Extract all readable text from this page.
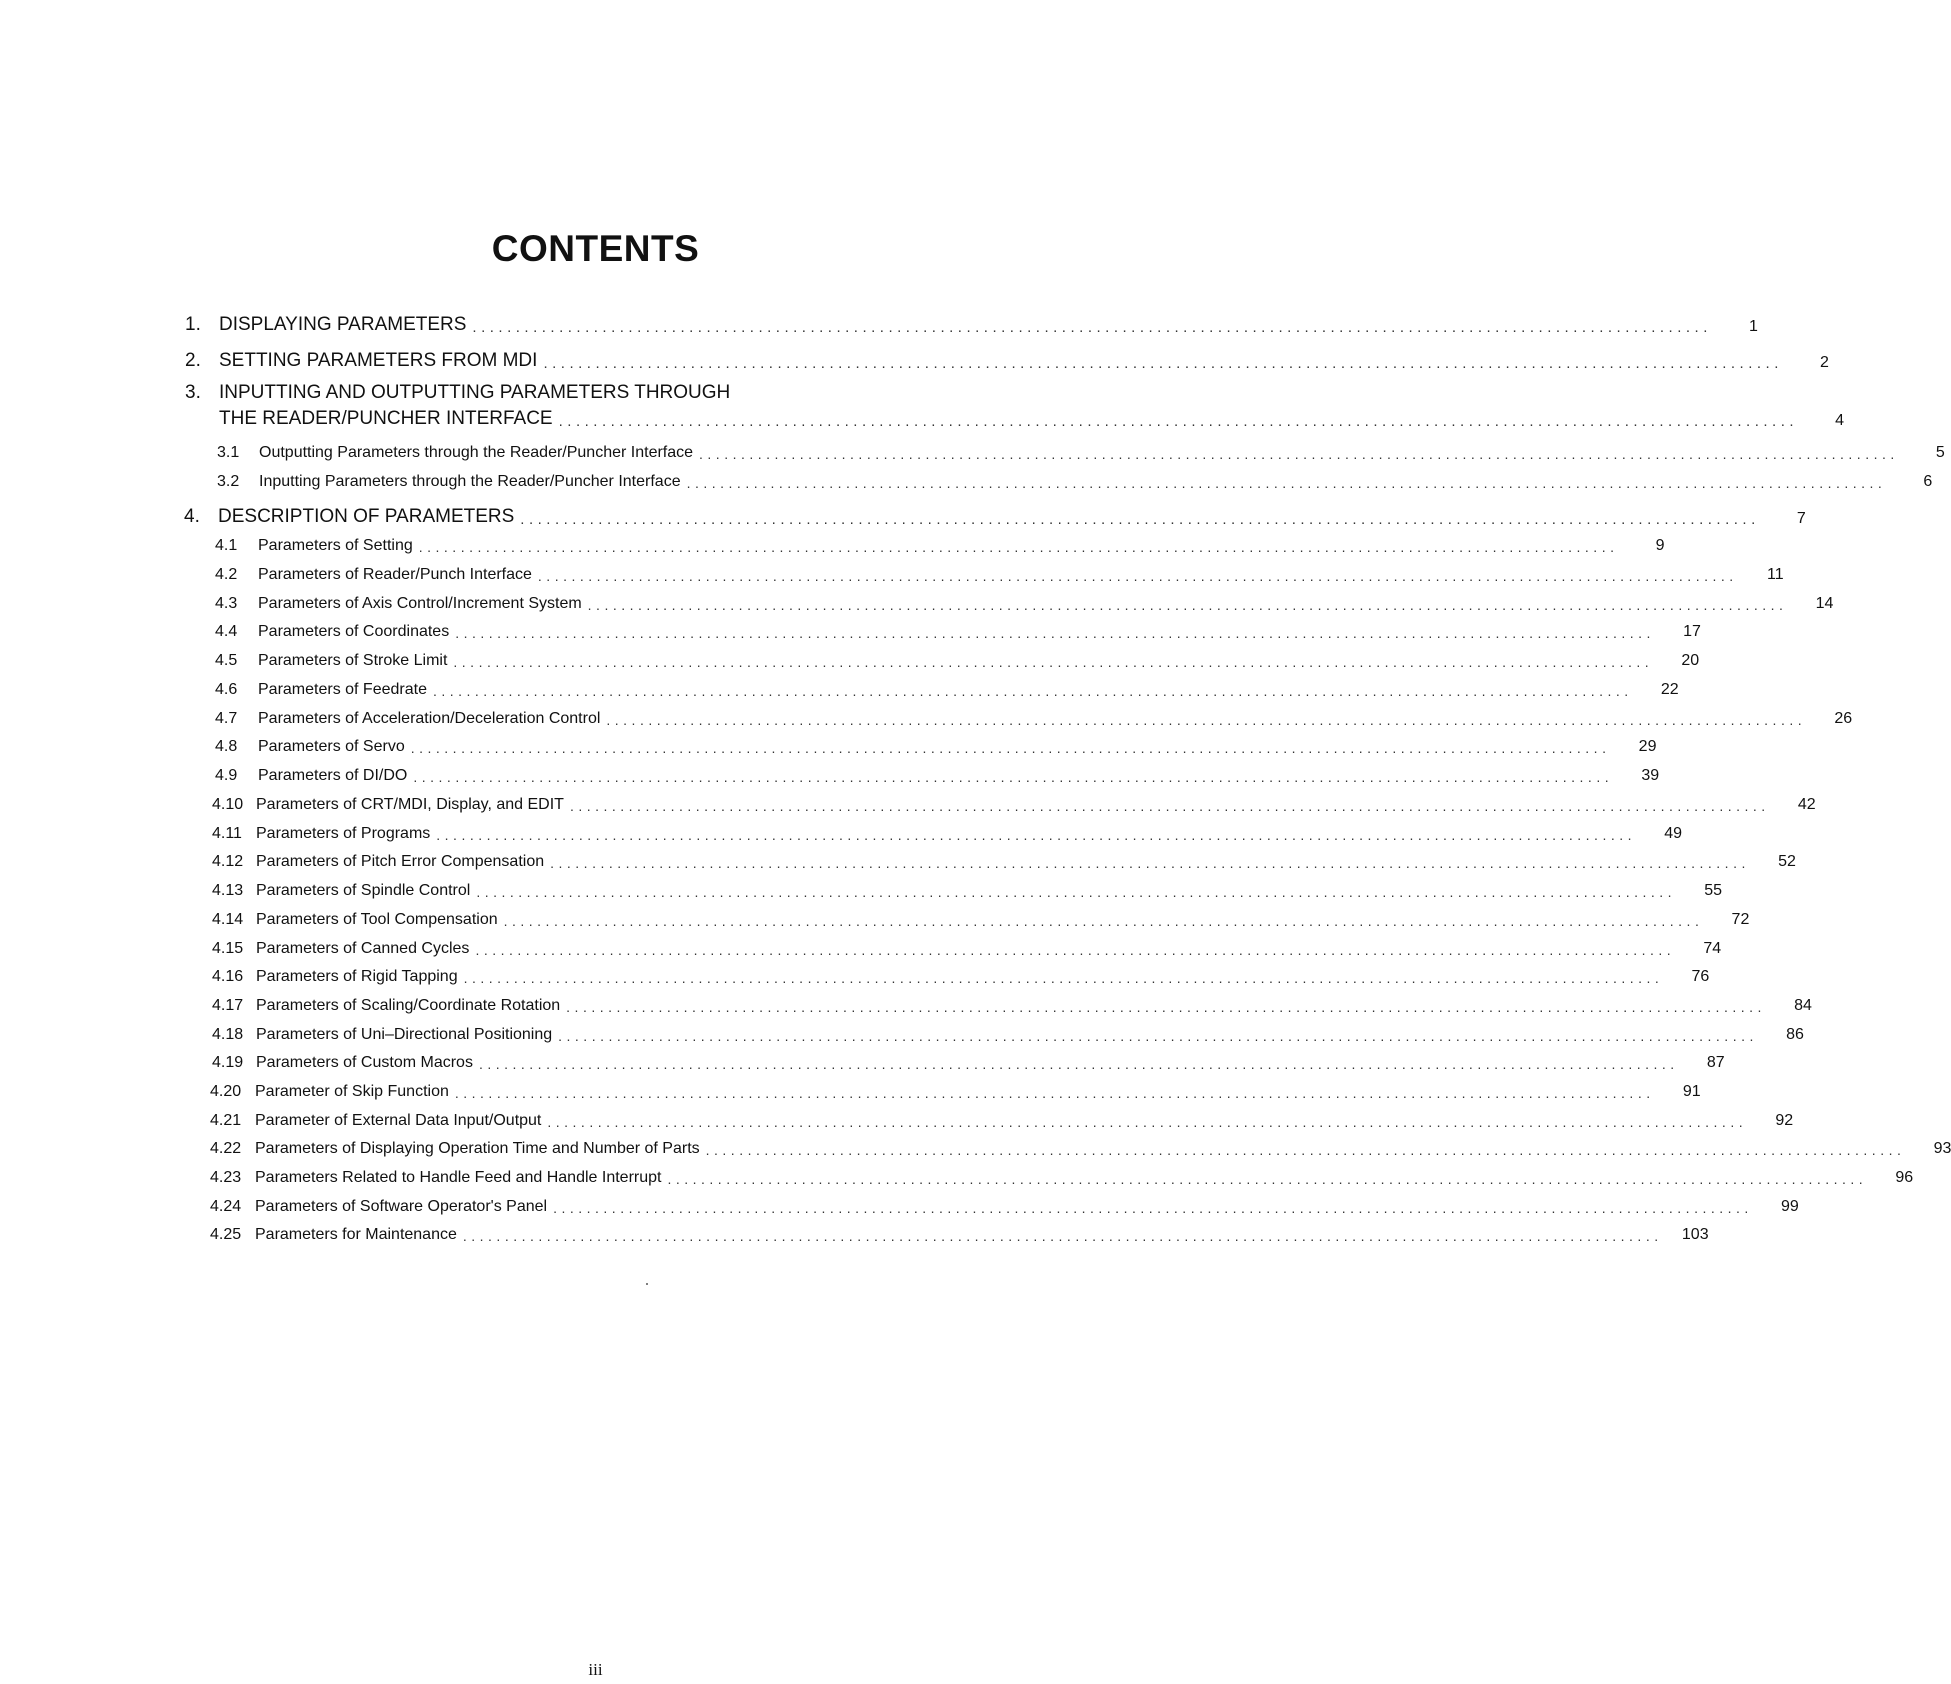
CONTENTS
1. DISPLAYING PARAMETERS ...............................................................................................................................................	1
2. SETTING PARAMETERS FROM MDI ...............................................................................................................................................	2
3. INPUTTING AND OUTPUTTING PARAMETERS THROUGH
THE READER/PUNCHER INTERFACE ...............................................................................................................................................	4
3.1	Outputting Parameters through the Reader/Puncher Interface ...............................................................................................................................................	5
3.2	Inputting Parameters through the Reader/Puncher Interface ...............................................................................................................................................	6
4. DESCRIPTION OF PARAMETERS ...............................................................................................................................................	7
4.1	Parameters of Setting ...............................................................................................................................................	9
4.2	Parameters of Reader/Punch Interface ...............................................................................................................................................	11
4.3	Parameters of Axis Control/Increment System ...............................................................................................................................................	14
4.4	Parameters of Coordinates ...............................................................................................................................................	17
4.5	Parameters of Stroke Limit ...............................................................................................................................................	20
4.6	Parameters of Feedrate ...............................................................................................................................................	22
4.7	Parameters of Acceleration/Deceleration Control ...............................................................................................................................................	26
4.8	Parameters of Servo ...............................................................................................................................................	29
4.9	Parameters of DI/DO ...............................................................................................................................................	39
4.10 Parameters of CRT/MDI, Display, and EDIT ...............................................................................................................................................	42
4.11 Parameters of Programs ...............................................................................................................................................	49
4.12 Parameters of Pitch Error Compensation ...............................................................................................................................................	52
4.13 Parameters of Spindle Control ...............................................................................................................................................	55
4.14 Parameters of Tool Compensation ...............................................................................................................................................	72
4.15 Parameters of Canned Cycles ...............................................................................................................................................	74
4.16 Parameters of Rigid Tapping ...............................................................................................................................................	76
4.17 Parameters of Scaling/Coordinate Rotation ...............................................................................................................................................	84
4.18 Parameters of Uni–Directional Positioning ...............................................................................................................................................	86
4.19 Parameters of Custom Macros ...............................................................................................................................................	87
4.20 Parameter of Skip Function ...............................................................................................................................................	91
4.21 Parameter of External Data Input/Output ...............................................................................................................................................	92
4.22 Parameters of Displaying Operation Time and Number of Parts ...............................................................................................................................................	93
4.23 Parameters Related to Handle Feed and Handle Interrupt ...............................................................................................................................................	96
4.24 Parameters of Software Operator's Panel ...............................................................................................................................................	99
4.25 Parameters for Maintenance ...............................................................................................................................................	103
iii
